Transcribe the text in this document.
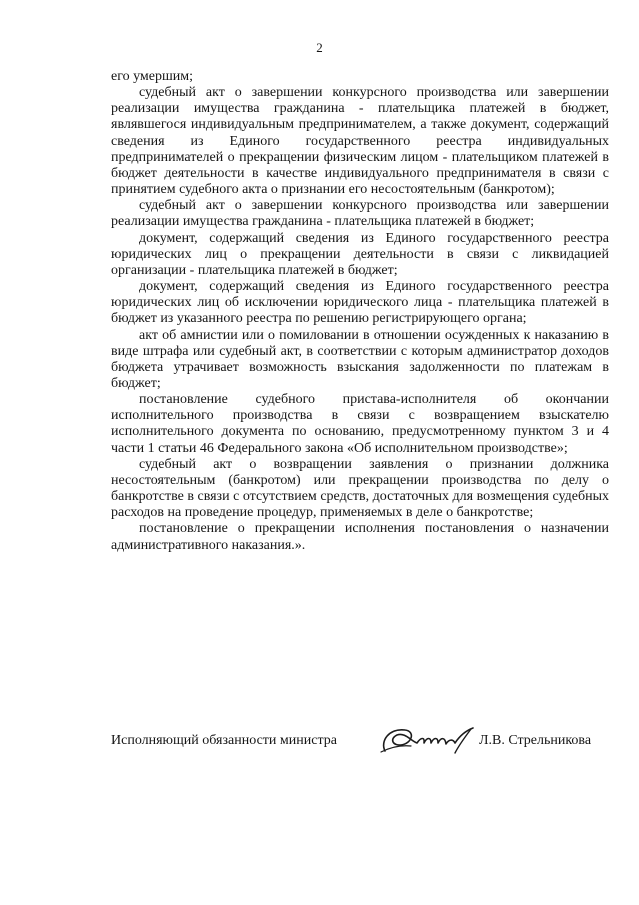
2

его умершим;

судебный акт о завершении конкурсного производства или завершении реализации имущества гражданина - плательщика платежей в бюджет, являвшегося индивидуальным предпринимателем, а также документ, содержащий сведения из Единого государственного реестра индивидуальных предпринимателей о прекращении физическим лицом - плательщиком платежей в бюджет деятельности в качестве индивидуального предпринимателя в связи с принятием судебного акта о признании его несостоятельным (банкротом);

судебный акт о завершении конкурсного производства или завершении реализации имущества гражданина - плательщика платежей в бюджет;

документ, содержащий сведения из Единого государственного реестра юридических лиц о прекращении деятельности в связи с ликвидацией организации - плательщика платежей в бюджет;

документ, содержащий сведения из Единого государственного реестра юридических лиц об исключении юридического лица - плательщика платежей в бюджет из указанного реестра по решению регистрирующего органа;

акт об амнистии или о помиловании в отношении осужденных к наказанию в виде штрафа или судебный акт, в соответствии с которым администратор доходов бюджета утрачивает возможность взыскания задолженности по платежам в бюджет;

постановление судебного пристава-исполнителя об окончании исполнительного производства в связи с возвращением взыскателю исполнительного документа по основанию, предусмотренному пунктом 3 и 4 части 1 статьи 46 Федерального закона «Об исполнительном производстве»;

судебный акт о возвращении заявления о признании должника несостоятельным (банкротом) или прекращении производства по делу о банкротстве в связи с отсутствием средств, достаточных для возмещения судебных расходов на проведение процедур, применяемых в деле о банкротстве;

постановление о прекращении исполнения постановления о назначении административного наказания.».

Исполняющий обязанности министра	Л.В. Стрельникова
